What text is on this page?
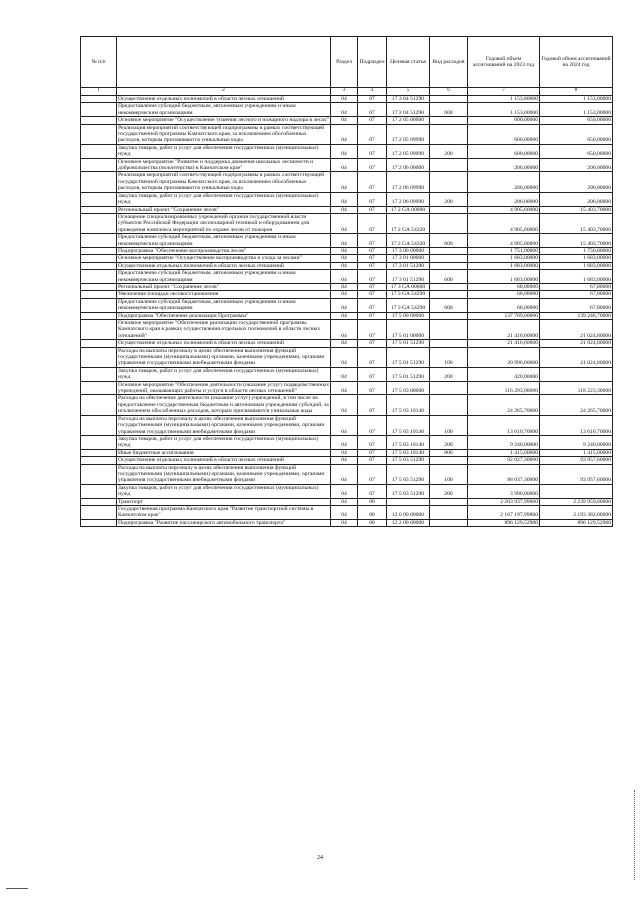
№ п/п		Раздел	Подраздел	Целевая статья	Вид расходов	Годовой объем ассигнований на 2023 год	Годовой объем ассигнований на 2024 год
1	2	3	4	5	6	7	8
	Осуществление отдельных полномочий в области лесных отношений	04	07	17 2 04 51290		1 153,80000	1 153,00000
	Предоставление субсидий бюджетным, автономным учреждениям и иным некоммерческим организациям	04	07	17 2 04 51290	600	1 153,00000	1 153,00000
	Основное мероприятие "Осуществление тушения лесного и пожарного надзора в лесах"	04	07	17 2 05 00000		600,00000	650,00000
	Реализация мероприятий соответствующей подпрограммы в рамках соответствующей государственной программы Камчатского края, за исключением обособленных расходов, которым присваиваются уникальные коды	04	07	17 2 05 09990		600,00000	650,00000
	Закупка товаров, работ и услуг для обеспечения государственных (муниципальных) нужд	04	07	17 2 05 09990	200	600,00000	650,00000
	Основное мероприятие "Развитие и поддержка движения школьных лесничеств и добровольчества (волонтерства) в Камчатском крае"	04	07	17 2 06 00000		206,00000	206,00000
	Реализация мероприятий соответствующей подпрограммы в рамках соответствующей государственной программы Камчатского края, за исключением обособленных расходов, которым присваиваются уникальные коды	04	07	17 2 06 09990		206,00000	206,00000
	Закупка товаров, работ и услуг для обеспечения государственных (муниципальных) нужд	04	07	17 2 06 09990	200	206,00000	206,00000
	Региональный проект "Сохранение лесов"	04	07	17 2 GA 00000		4 905,60000	15 403,70000
	Оснащение специализированных учреждений органов государственной власти субъектов Российской Федерации лесопожарной техникой и оборудованием для проведения комплекса мероприятий по охране лесов от пожаров	04	07	17 2 GA 54320		4 905,60000	15 403,70000
	Предоставление субсидий бюджетным, автономным учреждениям и иным некоммерческим организациям	04	07	17 2 GA 54320	600	4 905,60000	15 403,70000
	Подпрограмма "Обеспечение воспроизводства лесов"	04	07	17 3 00 00000		1 751,00000	1 750,80000
	Основное мероприятие "Осуществление воспроизводства и ухода за лесами"	04	07	17 3 01 00000		1 683,00000	1 683,00000
	Осуществление отдельных полномочий в области лесных отношений	04	07	17 3 01 51290		1 683,00000	1 683,00000
	Предоставление субсидий бюджетным, автономным учреждениям и иным некоммерческим организациям	04	07	17 3 01 51290	600	1 683,00000	1 683,00000
	Региональный проект "Сохранение лесов"	04	07	17 3 GA 00000		68,00000	67,80000
	Увеличение площади лесовосстановления	04	07	17 3 GA 54290		68,00000	67,80000
	Предоставление субсидий бюджетным, автономным учреждениям и иным некоммерческим организациям	04	07	17 3 GA 54290	600	68,00000	67,80000
	Подпрограмма "Обеспечение реализации Программы"	04	07	17 5 00 00000		137 709,60000	139 248,70000
	Основное мероприятие "Обеспечение реализации государственной программы Камчатского края в рамках осуществления отдельных полномочий в области лесных отношений"	04	07	17 5 01 00000		21 416,60000	21 024,80000
	Осуществление отдельных полномочий в области лесных отношений	04	07	17 5 01 51290		21 416,60000	21 024,80000
	Расходы на выплаты персоналу в целях обеспечения выполнения функций государственными (муниципальными) органами, казенными учреждениями, органами управления государственными внебюджетными фондами	04	07	17 5 01 51290	100	20 996,60000	21 024,80000
	Закупка товаров, работ и услуг для обеспечения государственных (муниципальных) нужд	04	07	17 5 01 51290	200	420,00000	
	Основное мероприятие "Обеспечение деятельности (оказание услуг) подведомственных учреждений, оказывающих работы и услуги в области лесных отношений"	04	07	17 5 03 00000		116 293,00000	118 223,30000
	Расходы на обеспечение деятельности (оказание услуг) учреждений, в том числе на предоставление государственным бюджетным и автономным учреждениям субсидий, за исключением обособленных расходов, которым присваиваются уникальные коды	04	07	17 5 03 10140		24 265,70000	24 265,70000
	Расходы на выплаты персоналу в целях обеспечения выполнения функций государственными (муниципальными) органами, казенными учреждениями, органами управления государственными внебюджетными фондами	04	07	17 5 03 10140	100	13 610,70000	13 610,70000
	Закупка товаров, работ и услуг для обеспечения государственных (муниципальных) нужд	04	07	17 5 03 10140	200	9 240,00000	9 240,00000
	Иные бюджетные ассигнования	04	07	17 5 03 10140	800	1 415,00000	1 415,00000
	Осуществление отдельных полномочий в области лесных отношений	04	07	17 5 03 51290		92 027,30000	93 957,60000
	Расходы на выплаты персоналу в целях обеспечения выполнения функций государственными (муниципальными) органами, казенными учреждениями, органами управления государственными внебюджетными фондами	04	07	17 5 03 51290	100	88 037,30000	93 957,60000
	Закупка товаров, работ и услуг для обеспечения государственных (муниципальных) нужд	04	07	17 5 03 51290	200	3 990,00000	
	Транспорт	04	08			2 203 937,99860	2 239 959,60000
	Государственная программа Камчатского края "Развитие транспортной системы в Камчатском крае"	04	08	12 0 00 00000		2 167 197,99860	2 193 382,60000
	Подпрограмма "Развитие пассажирского автомобильного транспорта"	04	08	12 2 00 00000		896 129,52900	896 129,52900
24
